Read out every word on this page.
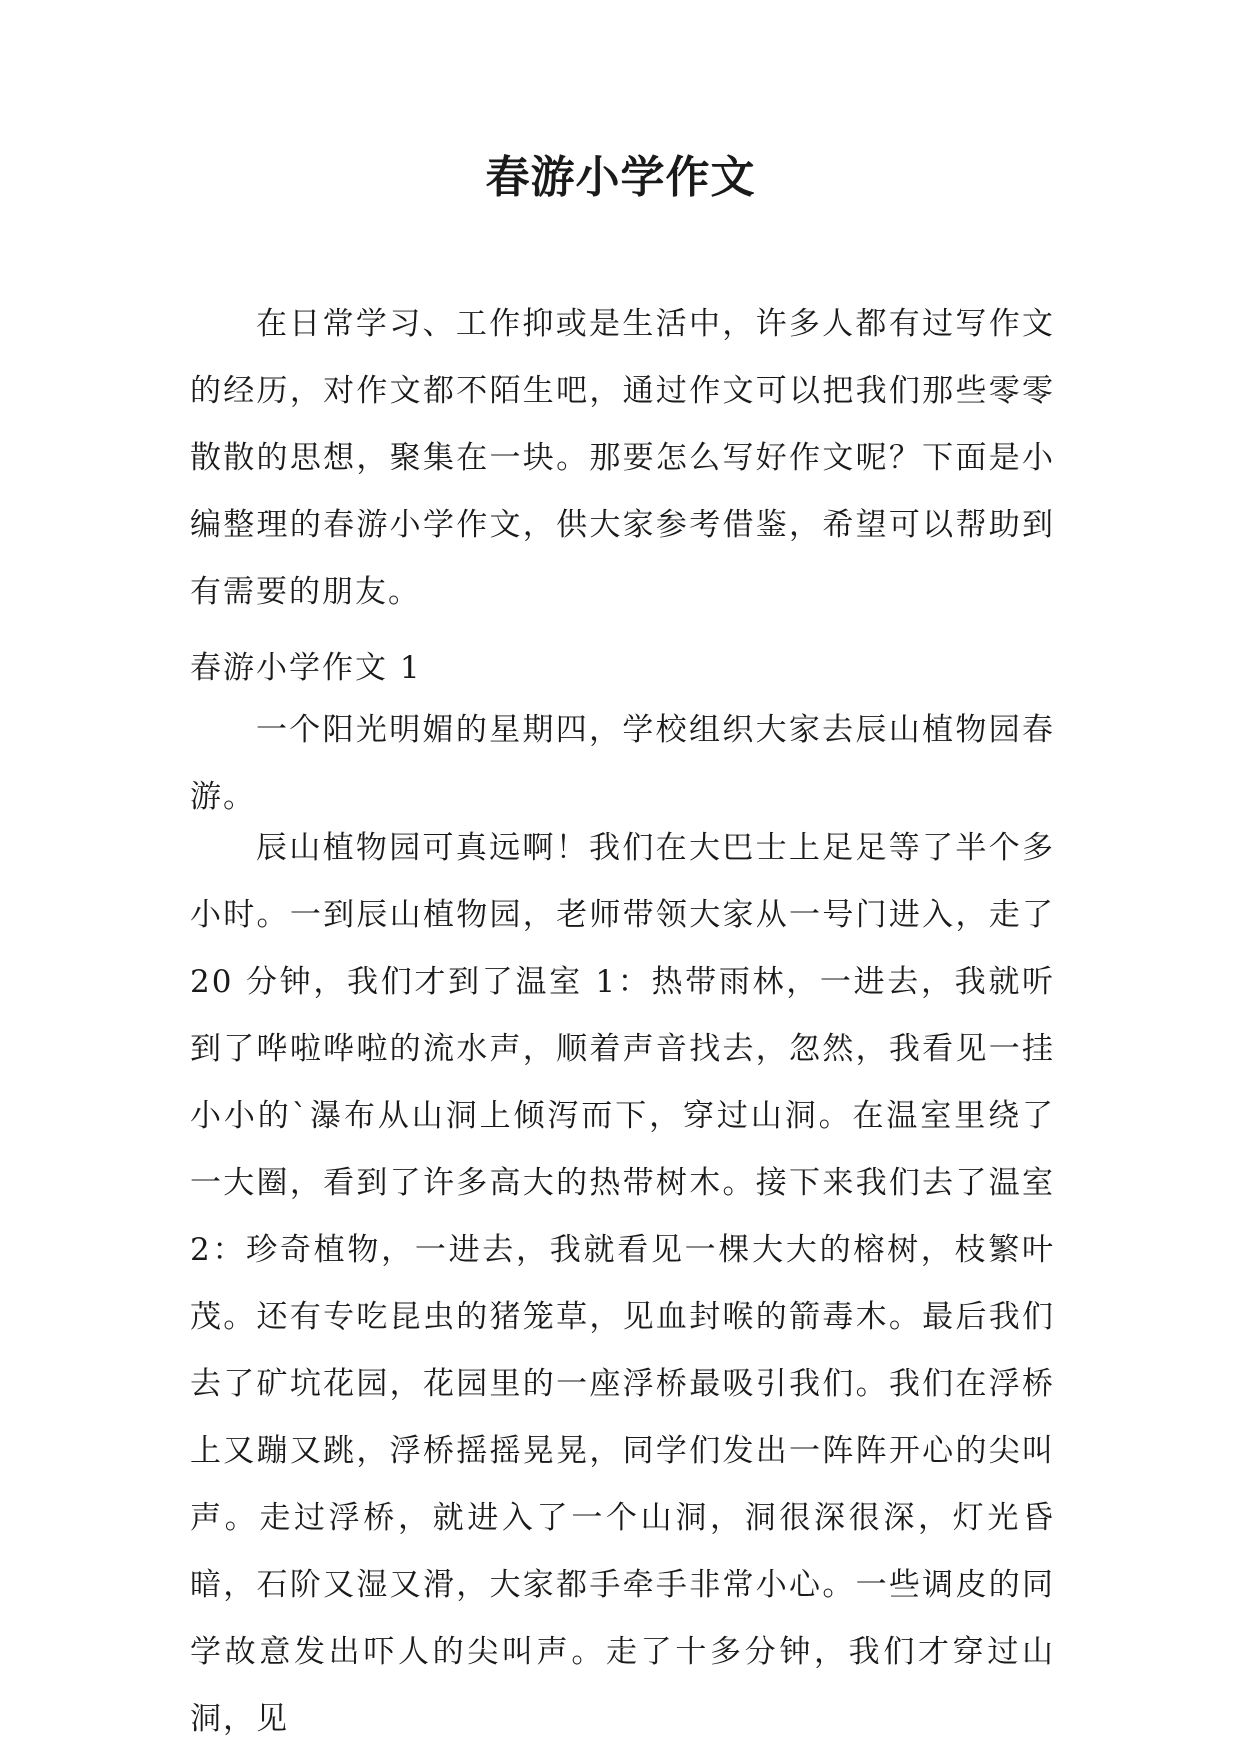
春游小学作文

在日常学习、工作抑或是生活中，许多人都有过写作文的经历，对作文都不陌生吧，通过作文可以把我们那些零零散散的思想，聚集在一块。那要怎么写好作文呢？下面是小编整理的春游小学作文，供大家参考借鉴，希望可以帮助到有需要的朋友。

春游小学作文 1

一个阳光明媚的星期四，学校组织大家去辰山植物园春游。

辰山植物园可真远啊！我们在大巴士上足足等了半个多小时。一到辰山植物园，老师带领大家从一号门进入，走了 20 分钟，我们才到了温室 1：热带雨林，一进去，我就听到了哗啦哗啦的流水声，顺着声音找去，忽然，我看见一挂小小的`瀑布从山洞上倾泻而下，穿过山洞。在温室里绕了一大圈，看到了许多高大的热带树木。接下来我们去了温室 2：珍奇植物，一进去，我就看见一棵大大的榕树，枝繁叶茂。还有专吃昆虫的猪笼草，见血封喉的箭毒木。最后我们去了矿坑花园，花园里的一座浮桥最吸引我们。我们在浮桥上又蹦又跳，浮桥摇摇晃晃，同学们发出一阵阵开心的尖叫声。走过浮桥，就进入了一个山洞，洞很深很深，灯光昏暗，石阶又湿又滑，大家都手牵手非常小心。一些调皮的同学故意发出吓人的尖叫声。走了十多分钟，我们才穿过山洞，见
